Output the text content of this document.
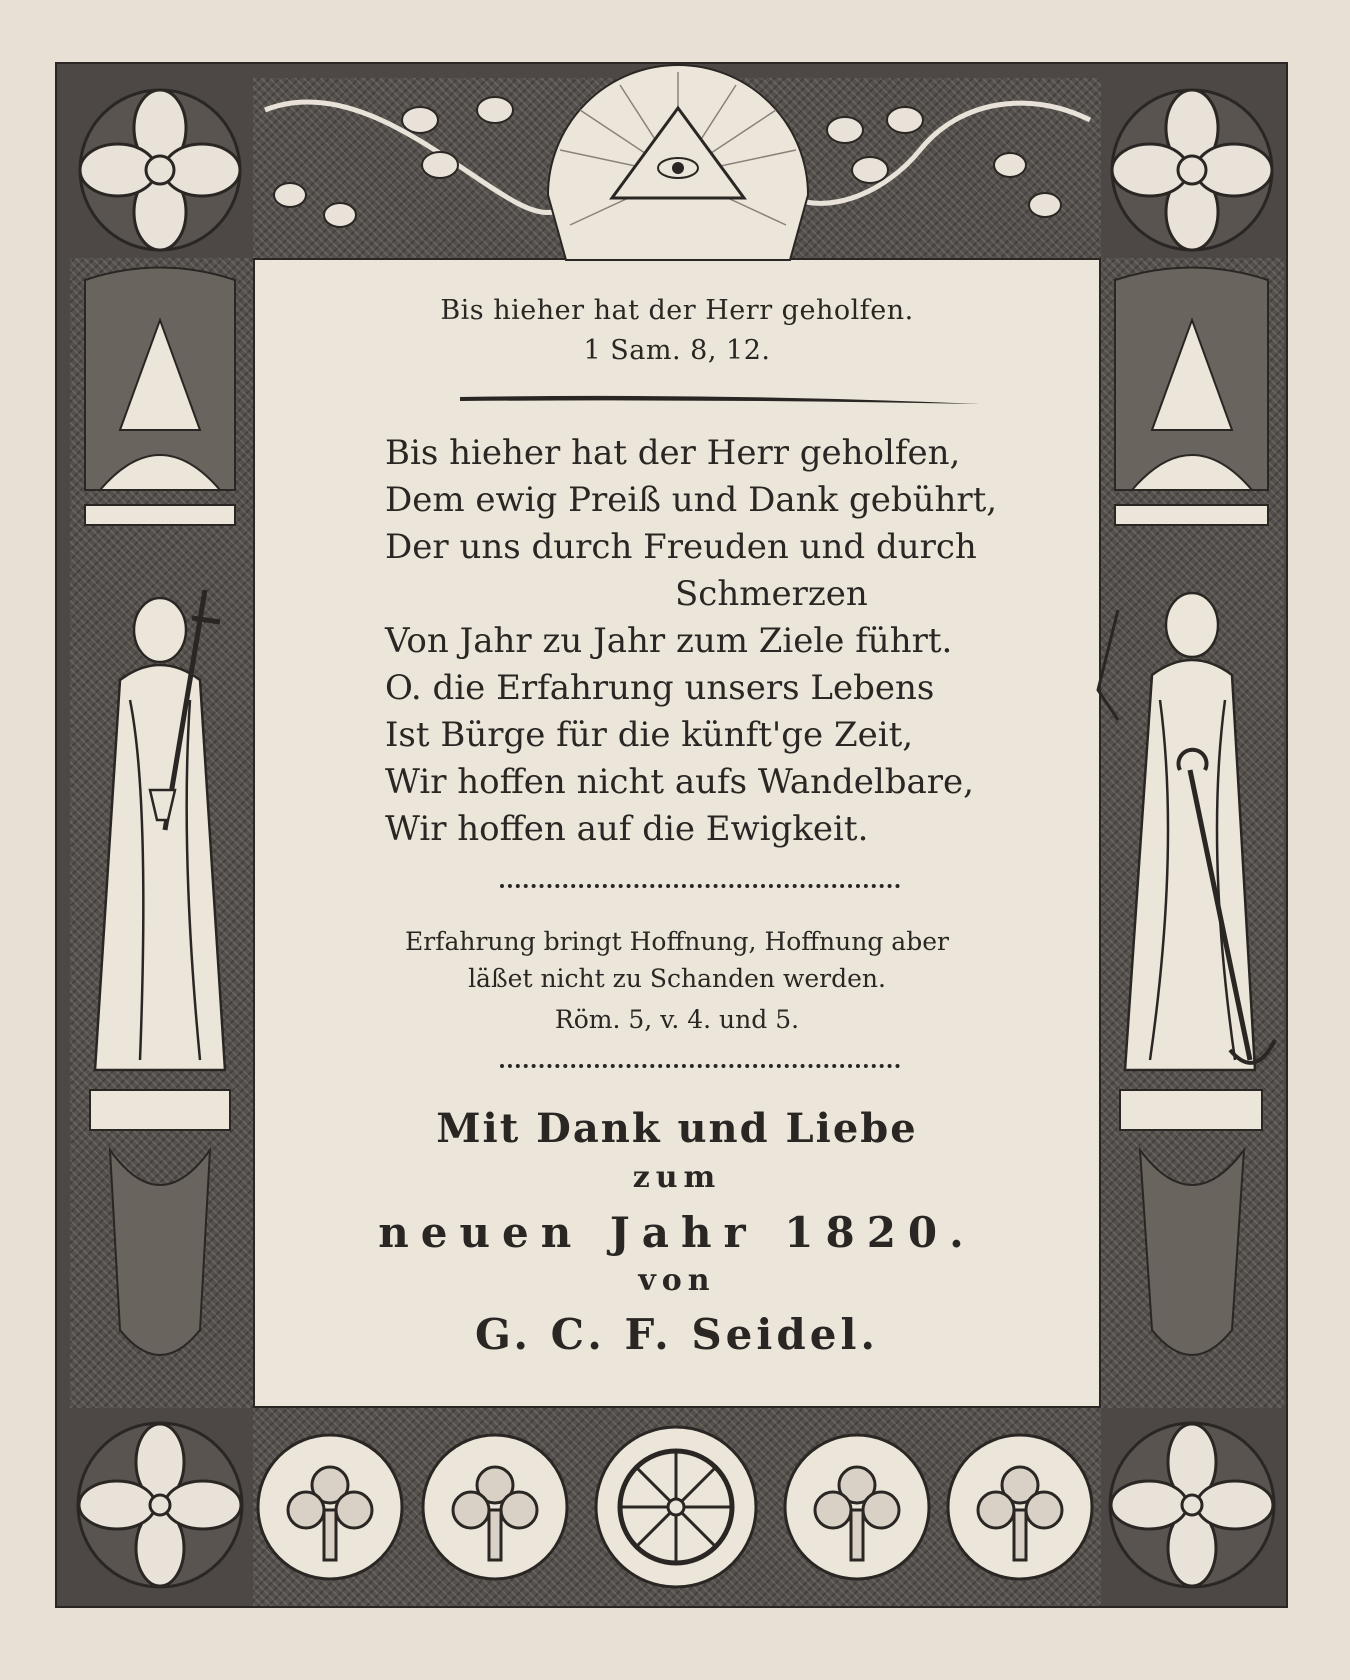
Bis hieher hat der Herr geholfen.
1 Sam. 8, 12.
Bis hieher hat der Herr geholfen,
Dem ewig Preiß und Dank gebührt,
Der uns durch Freuden und durch
Schmerzen
Von Jahr zu Jahr zum Ziele führt.
O. die Erfahrung unsers Lebens
Ist Bürge für die künft'ge Zeit,
Wir hoffen nicht aufs Wandelbare,
Wir hoffen auf die Ewigkeit.
Erfahrung bringt Hoffnung, Hoffnung aber
läßet nicht zu Schanden werden.
Röm. 5, v. 4. und 5.
Mit Dank und Liebe
zum
neuen Jahr 1820.
von
G. C. F. Seidel.
